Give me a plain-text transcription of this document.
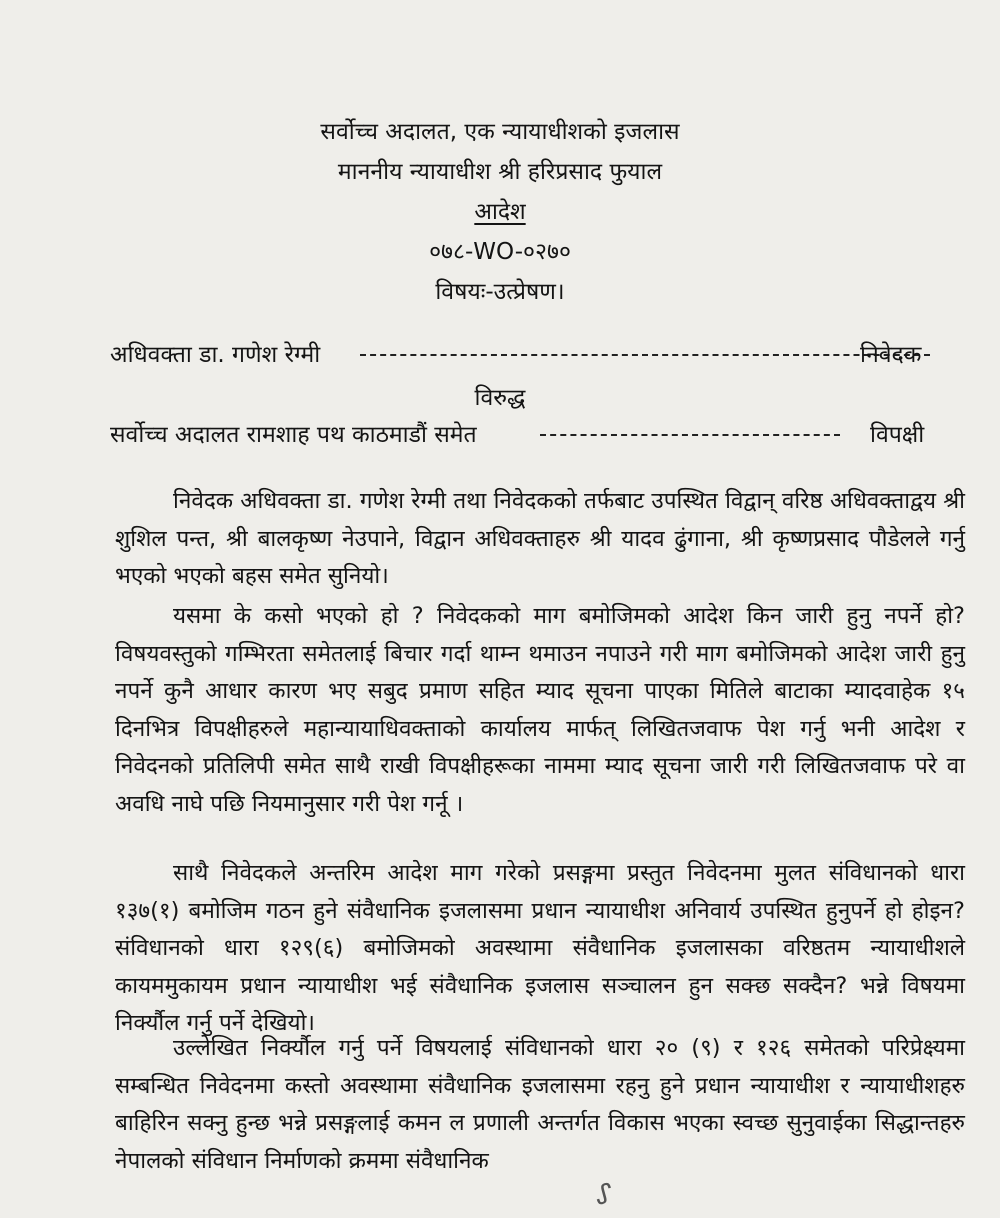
सर्वोच्च अदालत, एक न्यायाधीशको इजलास
माननीय न्यायाधीश श्री हरिप्रसाद फुयाल
आदेश
०७८-WO-०२७०
विषयः-उत्प्रेषण।
अधिवक्ता डा. गणेश रेग्मी	निवेदक
विरुद्ध
सर्वोच्च अदालत रामशाह पथ काठमाडौं समेत	विपक्षी

निवेदक अधिवक्ता डा. गणेश रेग्मी तथा निवेदककाे तर्फबाट उपस्थित विद्वान् वरिष्ठ अधिवक्ताद्वय श्री शुशिल पन्त, श्री बालकृष्ण नेउपाने, विद्वान अधिवक्ताहरु श्री यादव ढुंगाना, श्री कृष्णप्रसाद पौडेलले गर्नु भएको भएको बहस समेत सुनियो।

यसमा के कसो भएको हो ? निवेदकको माग बमोजिमको आदेश किन जारी हुनु नपर्ने हो? विषयवस्तुको गम्भिरता समेतलाई बिचार गर्दा थाम्न थमाउन नपाउने गरी माग बमोजिमको आदेश जारी हुनु नपर्ने कुनै आधार कारण भए सबुद प्रमाण सहित म्याद सूचना पाएका मितिले बाटाका म्यादवाहेक १५ दिनभित्र विपक्षीहरुले महान्यायाधिवक्ताको कार्यालय मार्फत् लिखितजवाफ पेश गर्नु भनी आदेश र निवेदनको प्रतिलिपी समेत साथै राखी विपक्षीहरूका नाममा म्याद सूचना जारी गरी लिखितजवाफ परे वा अवधि नाघे पछि नियमानुसार गरी पेश गर्नू ।

साथै निवेदकले अन्तरिम आदेश माग गरेको प्रसङ्गमा प्रस्तुत निवेदनमा मुलत संविधानको धारा १३७(१) बमोजिम गठन हुने संवैधानिक इजलासमा प्रधान न्यायाधीश अनिवार्य उपस्थित हुनुपर्ने हो होइन? संविधानको धारा १२९(६) बमोजिमको अवस्थामा संवैधानिक इजलासका वरिष्ठतम न्यायाधीशले कायममुकायम प्रधान न्यायाधीश भई संवैधानिक इजलास सञ्चालन हुन सक्छ सक्दैन? भन्ने विषयमा निर्क्यौल गर्नु पर्ने देखियो।

उल्लेखित निर्क्यौल गर्नु पर्ने विषयलाई संविधानको धारा २० (९) र १२६ समेतको परिप्रेक्ष्यमा सम्बन्धित निवेदनमा कस्तो अवस्थामा संवैधानिक इजलासमा रहनु हुने प्रधान न्यायाधीश र न्यायाधीशहरु बाहिरिन सक्नु हुन्छ भन्ने प्रसङ्गलाई कमन ल प्रणाली अन्तर्गत विकास भएका स्वच्छ सुनुवाईका सिद्धान्तहरु नेपालको संविधान निर्माणको क्रममा संवैधानिक

ᔑ
